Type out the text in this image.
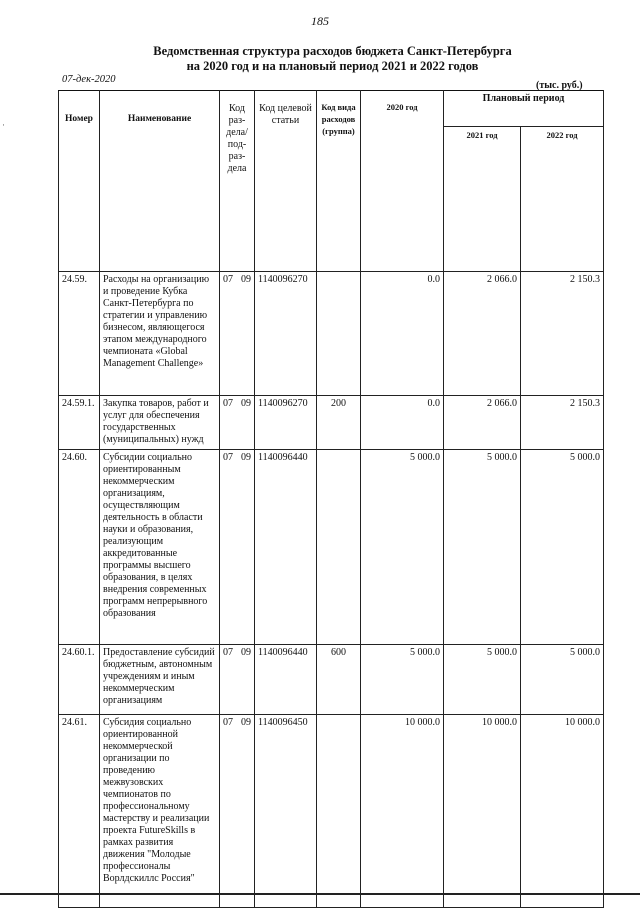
185
Ведомственная структура расходов бюджета Санкт-Петербурга
на 2020 год и на плановый период 2021 и 2022 годов
07-дек-2020
(тыс. руб.)
·
Номер	Наименование	Код раз-дела/ под-раз-дела	Код целевой статьи	Код вида расходов (группа)	2020 год	Плановый период	
						2021 год	2022 год

24.59.	Расходы на организацию и проведение Кубка Санкт-Петербурга по стратегии и управлению бизнесом, являющегося этапом международного чемпионата «Global Management Challenge»	07 09	1140096270		0.0	2 066.0	2 150.3
24.59.1.	Закупка товаров, работ и услуг для обеспечения государственных (муниципальных) нужд	07 09	1140096270	200	0.0	2 066.0	2 150.3
24.60.	Субсидии социально ориентированным некоммерческим организациям, осуществляющим деятельность в области науки и образования, реализующим аккредитованные программы высшего образования, в целях внедрения современных программ непрерывного образования	07 09	1140096440		5 000.0	5 000.0	5 000.0
24.60.1.	Предоставление субсидий бюджетным, автономным учреждениям и иным некоммерческим организациям	07 09	1140096440	600	5 000.0	5 000.0	5 000.0
24.61.	Субсидия социально ориентированной некоммерческой организации по проведению межвузовских чемпионатов по профессиональному мастерству и реализации проекта FutureSkills в рамках развития движения "Молодые профессионалы Ворлдскиллс Россия"	07 09	1140096450		10 000.0	10 000.0	10 000.0
